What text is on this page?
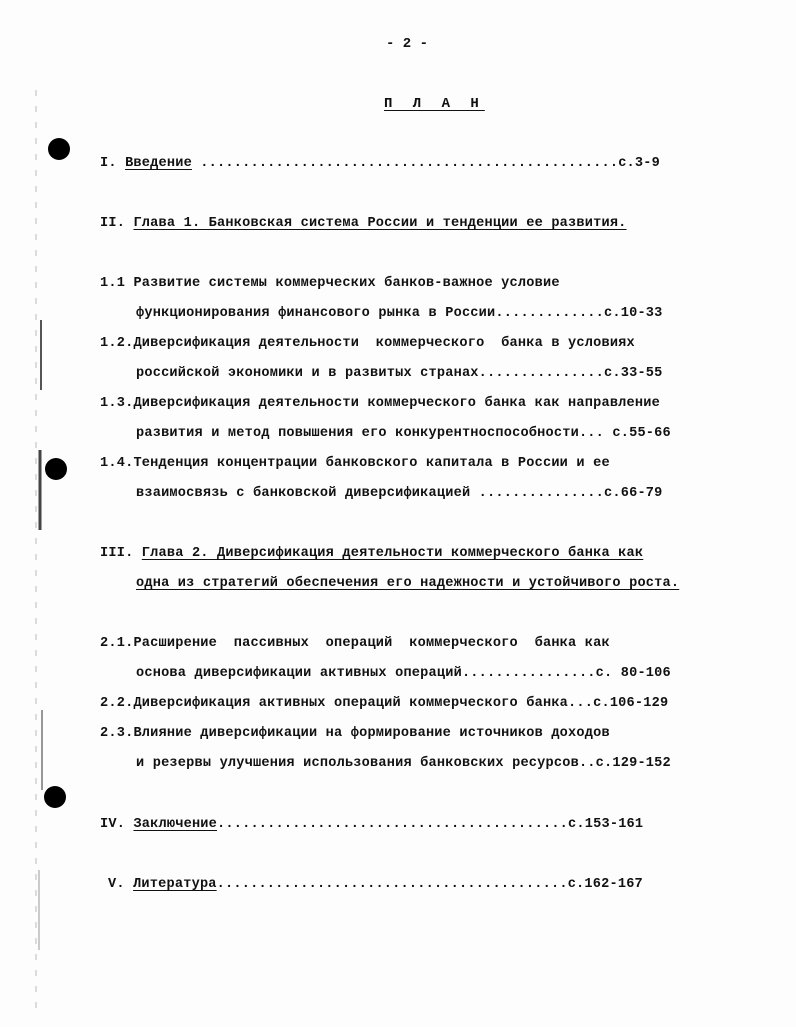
- 2 -
П Л А Н
I. Введение ..................................................с.3-9
II. Глава 1. Банковская система России и тенденции ее развития.
1.1 Развитие системы коммерческих банков-важное условие
функционирования финансового рынка в России.............с.10-33
1.2.Диверсификация деятельности  коммерческого  банка в условиях
российской экономики и в развитых странах...............с.33-55
1.3.Диверсификация деятельности коммерческого банка как направление
развития и метод повышения его конкурентноспособности... с.55-66
1.4.Тенденция концентрации банковского капитала в России и ее
взаимосвязь с банковской диверсификацией ...............с.66-79
III. Глава 2. Диверсификация деятельности коммерческого банка как
одна из стратегий обеспечения его надежности и устойчивого роста.
2.1.Расширение  пассивных  операций  коммерческого  банка как
основа диверсификации активных операций................с. 80-106
2.2.Диверсификация активных операций коммерческого банка...с.106-129
2.3.Влияние диверсификации на формирование источников доходов
и резервы улучшения использования банковских ресурсов..с.129-152
IV. Заключение..........................................с.153-161
V. Литература..........................................с.162-167
